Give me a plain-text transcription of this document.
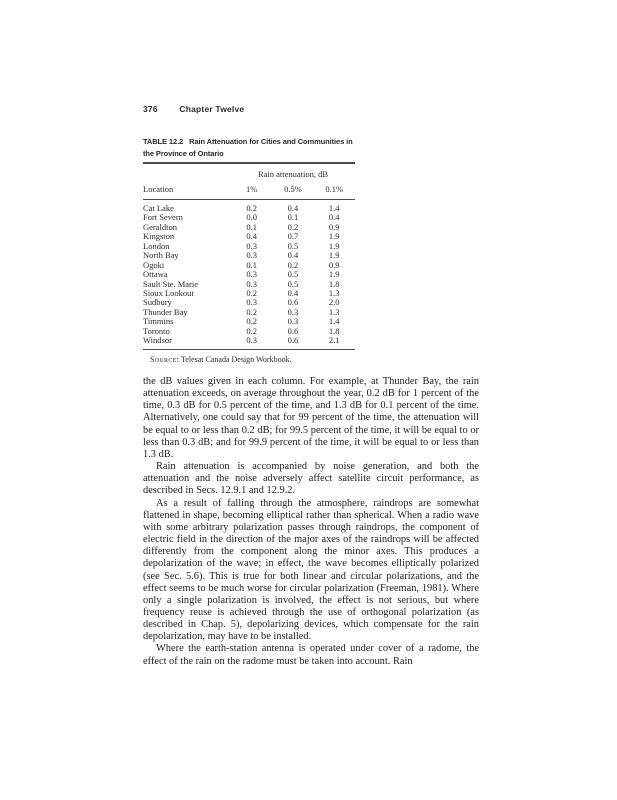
376	Chapter Twelve
TABLE 12.2 Rain Attenuation for Cities and Communities in the Province of Ontario
Rain attenuation, dB
Location	1%	0.5%	0.1%
Cat Lake	0.2	0.4	1.4
Fort Severn	0.0	0.1	0.4
Geraldton	0.1	0.2	0.9
Kingston	0.4	0.7	1.9
London	0.3	0.5	1.9
North Bay	0.3	0.4	1.9
Ogoki	0.1	0.2	0.9
Ottawa	0.3	0.5	1.9
Sault Ste. Marie	0.3	0.5	1.8
Sioux Lookout	0.2	0.4	1.3
Sudbury	0.3	0.6	2.0
Thunder Bay	0.2	0.3	1.3
Timmins	0.2	0.3	1.4
Toronto	0.2	0.6	1.8
Windsor	0.3	0.6	2.1
Source: Telesat Canada Design Workbook.

the dB values given in each column. For example, at Thunder Bay, the rain attenuation exceeds, on average throughout the year, 0.2 dB for 1 percent of the time, 0.3 dB for 0.5 percent of the time, and 1.3 dB for 0.1 percent of the time. Alternatively, one could say that for 99 percent of the time, the attenuation will be equal to or less than 0.2 dB; for 99.5 percent of the time, it will be equal to or less than 0.3 dB; and for 99.9 percent of the time, it will be equal to or less than 1.3 dB.

Rain attenuation is accompanied by noise generation, and both the attenuation and the noise adversely affect satellite circuit performance, as described in Secs. 12.9.1 and 12.9.2.

As a result of falling through the atmosphere, raindrops are somewhat flattened in shape, becoming elliptical rather than spherical. When a radio wave with some arbitrary polarization passes through raindrops, the component of electric field in the direction of the major axes of the raindrops will be affected differently from the component along the minor axes. This produces a depolarization of the wave; in effect, the wave becomes elliptically polarized (see Sec. 5.6). This is true for both linear and circular polarizations, and the effect seems to be much worse for circular polarization (Freeman, 1981). Where only a single polarization is involved, the effect is not serious, but where frequency reuse is achieved through the use of orthogonal polarization (as described in Chap. 5), depolarizing devices, which compensate for the rain depolarization, may have to be installed.

Where the earth-station antenna is operated under cover of a radome, the effect of the rain on the radome must be taken into account. Rain
